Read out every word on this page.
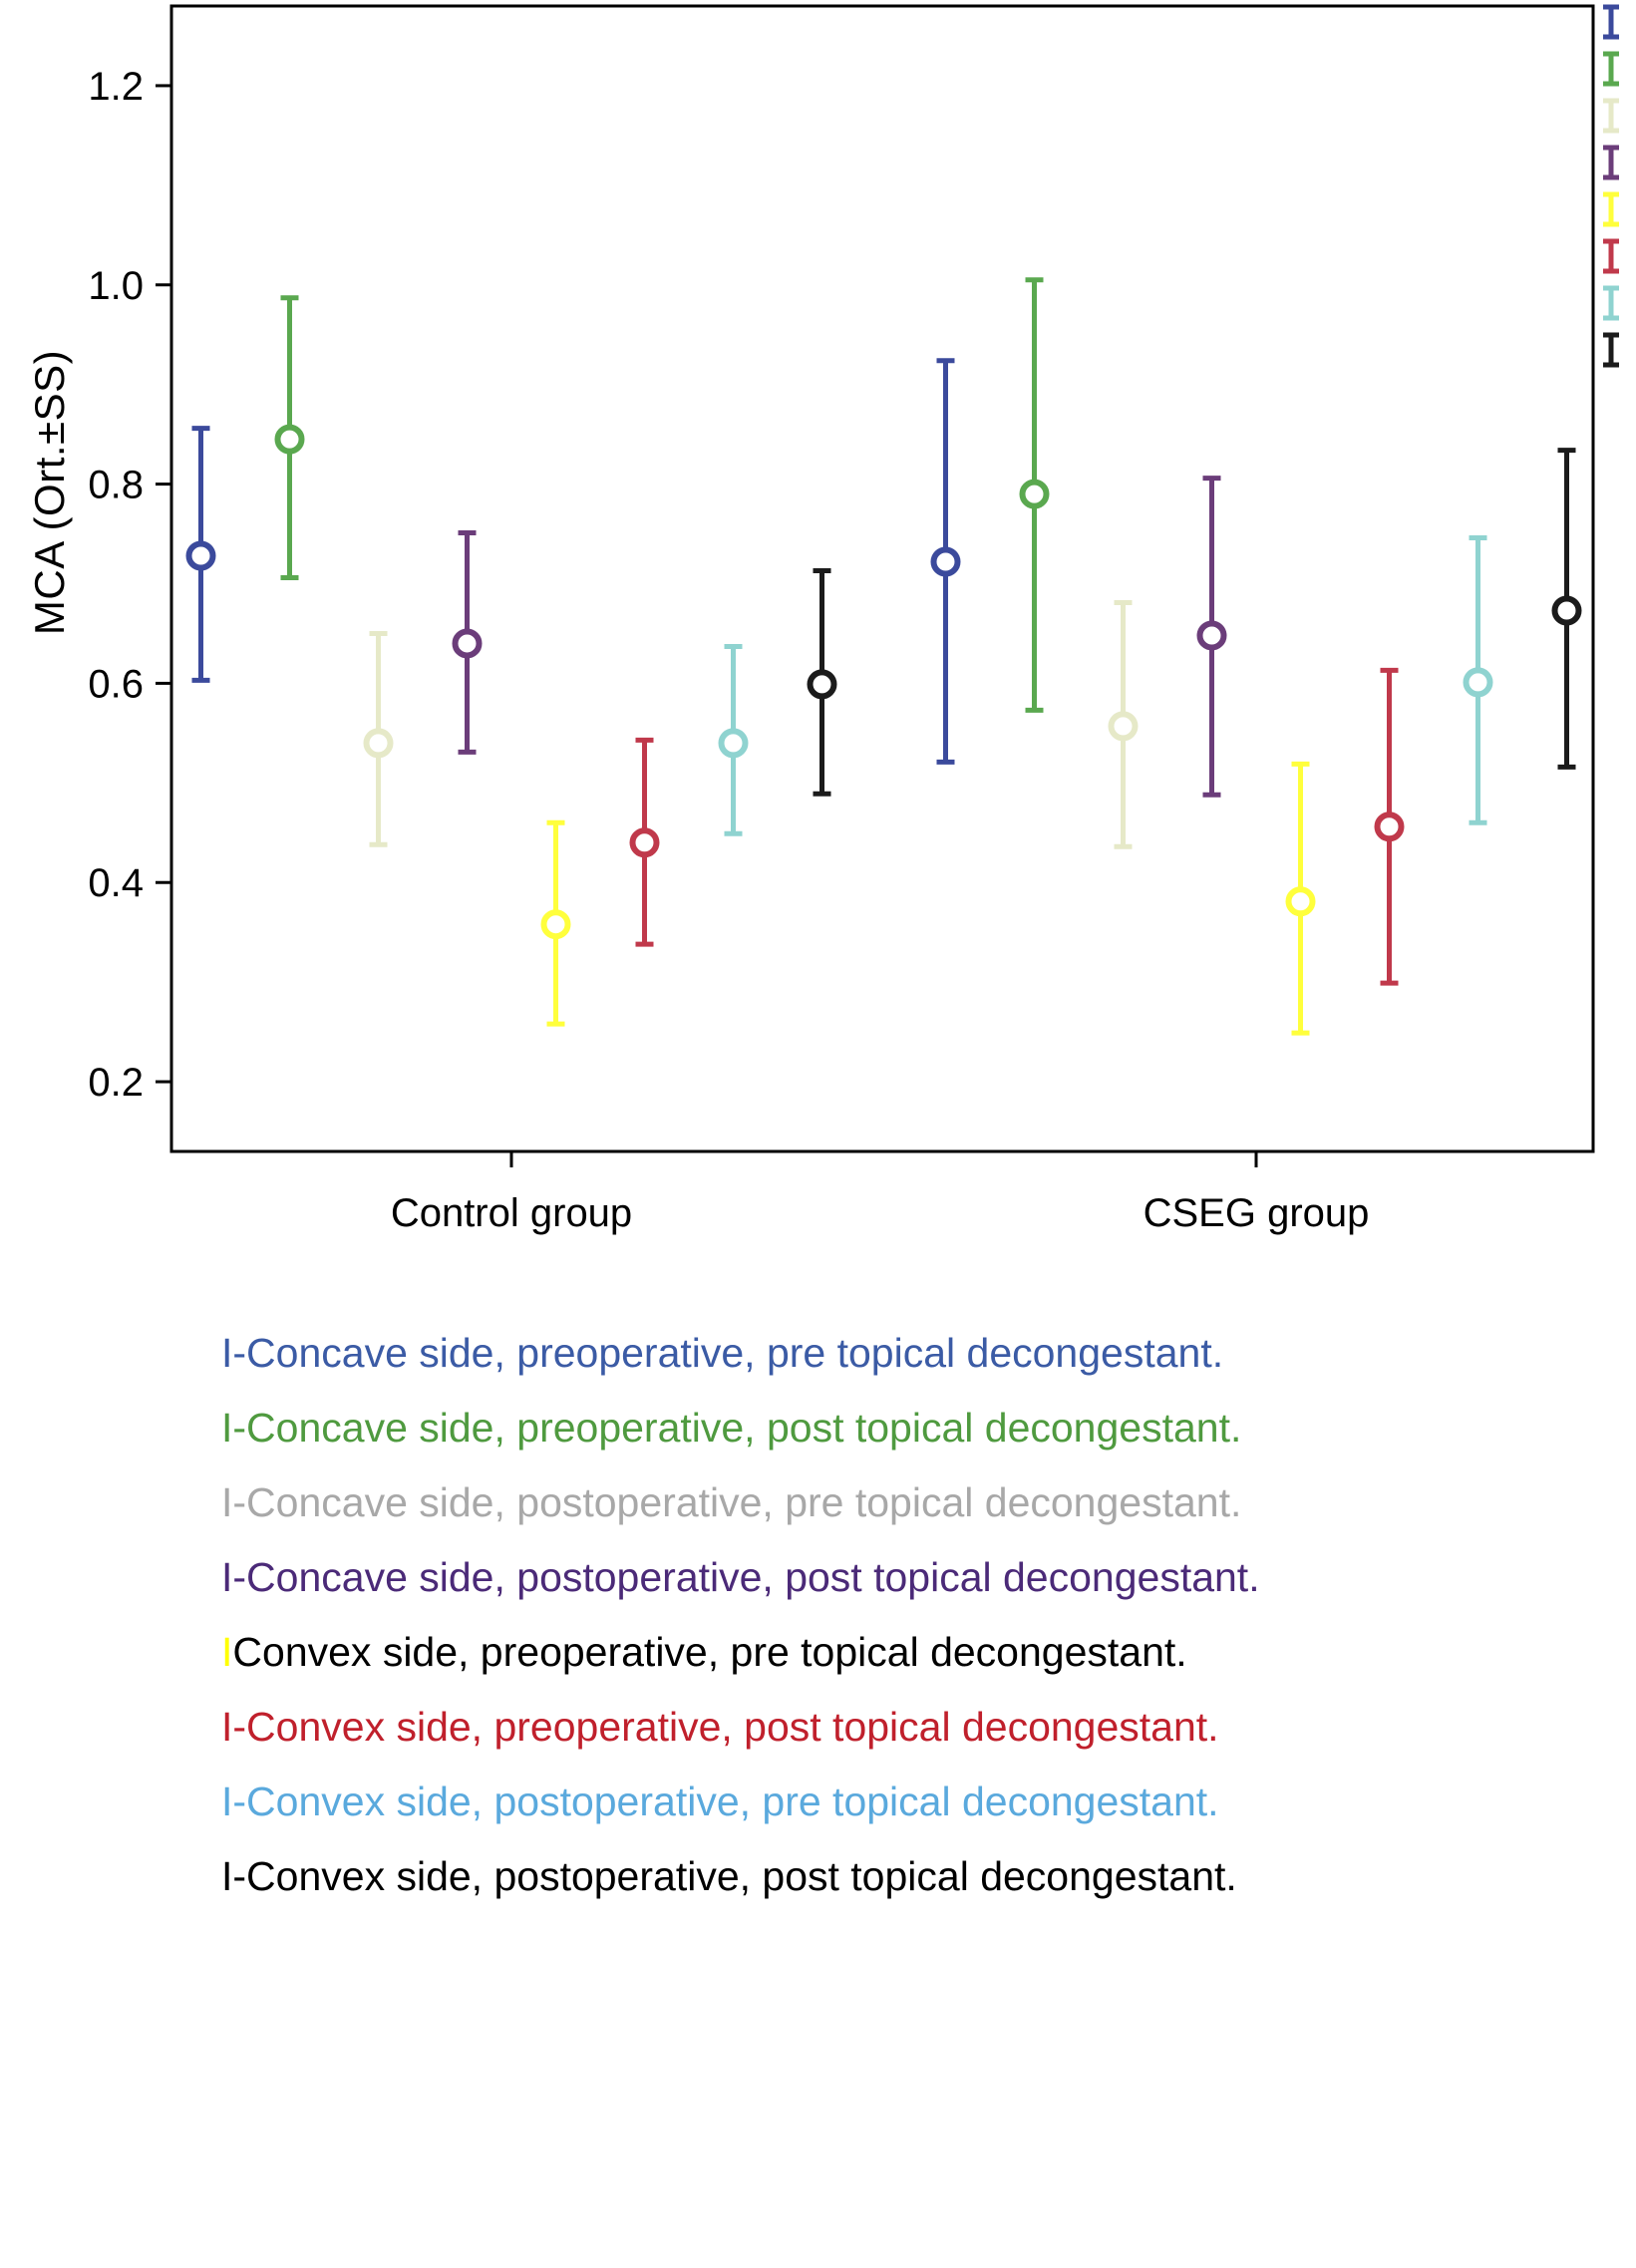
MCA (Ort.±SS)
0.2
0.4
0.6
0.8
1.0
1.2
Control group	CSEG group
I -Concave side, preoperative, pre topical decongestant.
I -Concave side, preoperative, post topical decongestant.
I -Concave side, postoperative, pre topical decongestant.
I -Concave side, postoperative, post topical decongestant.
I Convex side, preoperative, pre topical decongestant.
I -Convex side, preoperative, post topical decongestant.
I -Convex side, postoperative, pre topical decongestant.
I -Convex side, postoperative, post topical decongestant.
